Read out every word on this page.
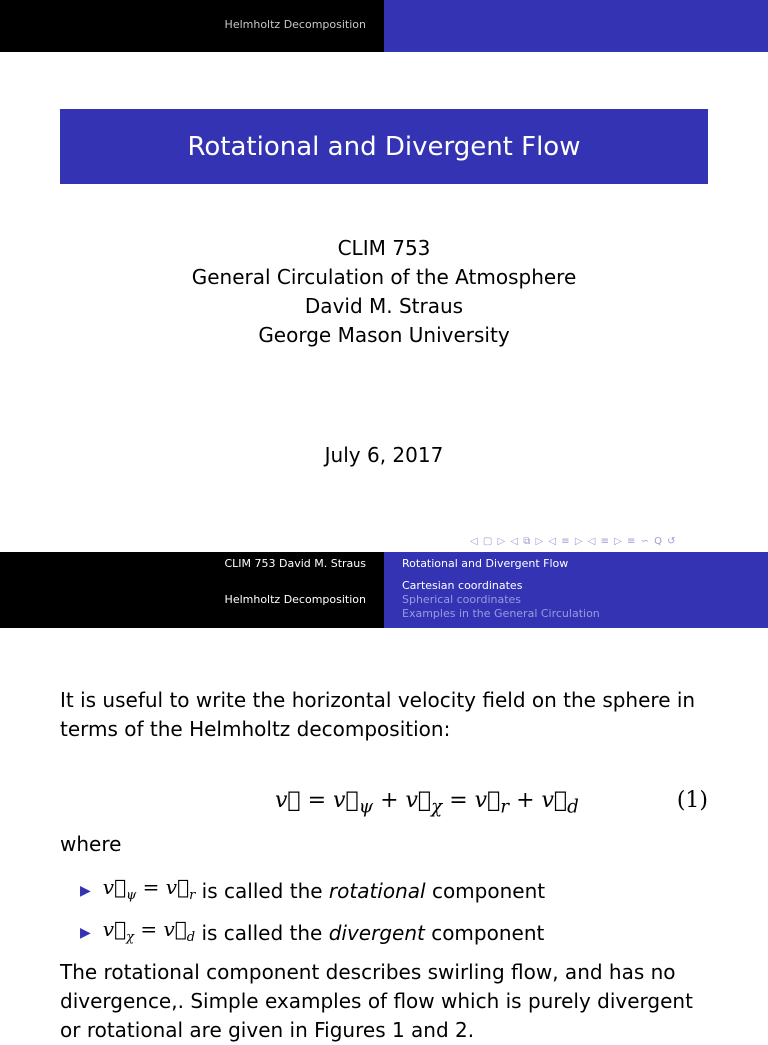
Helmholtz Decomposition
Rotational and Divergent Flow
CLIM 753
General Circulation of the Atmosphere
David M. Straus
George Mason University
July 6, 2017
◁ ▢ ▷ ◁ ⧉ ▷ ◁ ≡ ▷ ◁ ≡ ▷ ≡ ∽ Q ↺
CLIM 753 David M. Straus
Helmholtz Decomposition
Rotational and Divergent Flow
Cartesian coordinates
Spherical coordinates
Examples in the General Circulation
It is useful to write the horizontal velocity field on the sphere in terms of the Helmholtz decomposition:
v⃗ = $v⃗_\psi$ + $v⃗_\chi$ = $v⃗_r$ + $v⃗_d$	(1)
where
▶ $v⃗_\psi$ = $v⃗_r$ is called the rotational component
▶ $v⃗_\chi$ = $v⃗_d$ is called the divergent component
The rotational component describes swirling flow, and has no divergence,. Simple examples of flow which is purely divergent or rotational are given in Figures 1 and 2.
